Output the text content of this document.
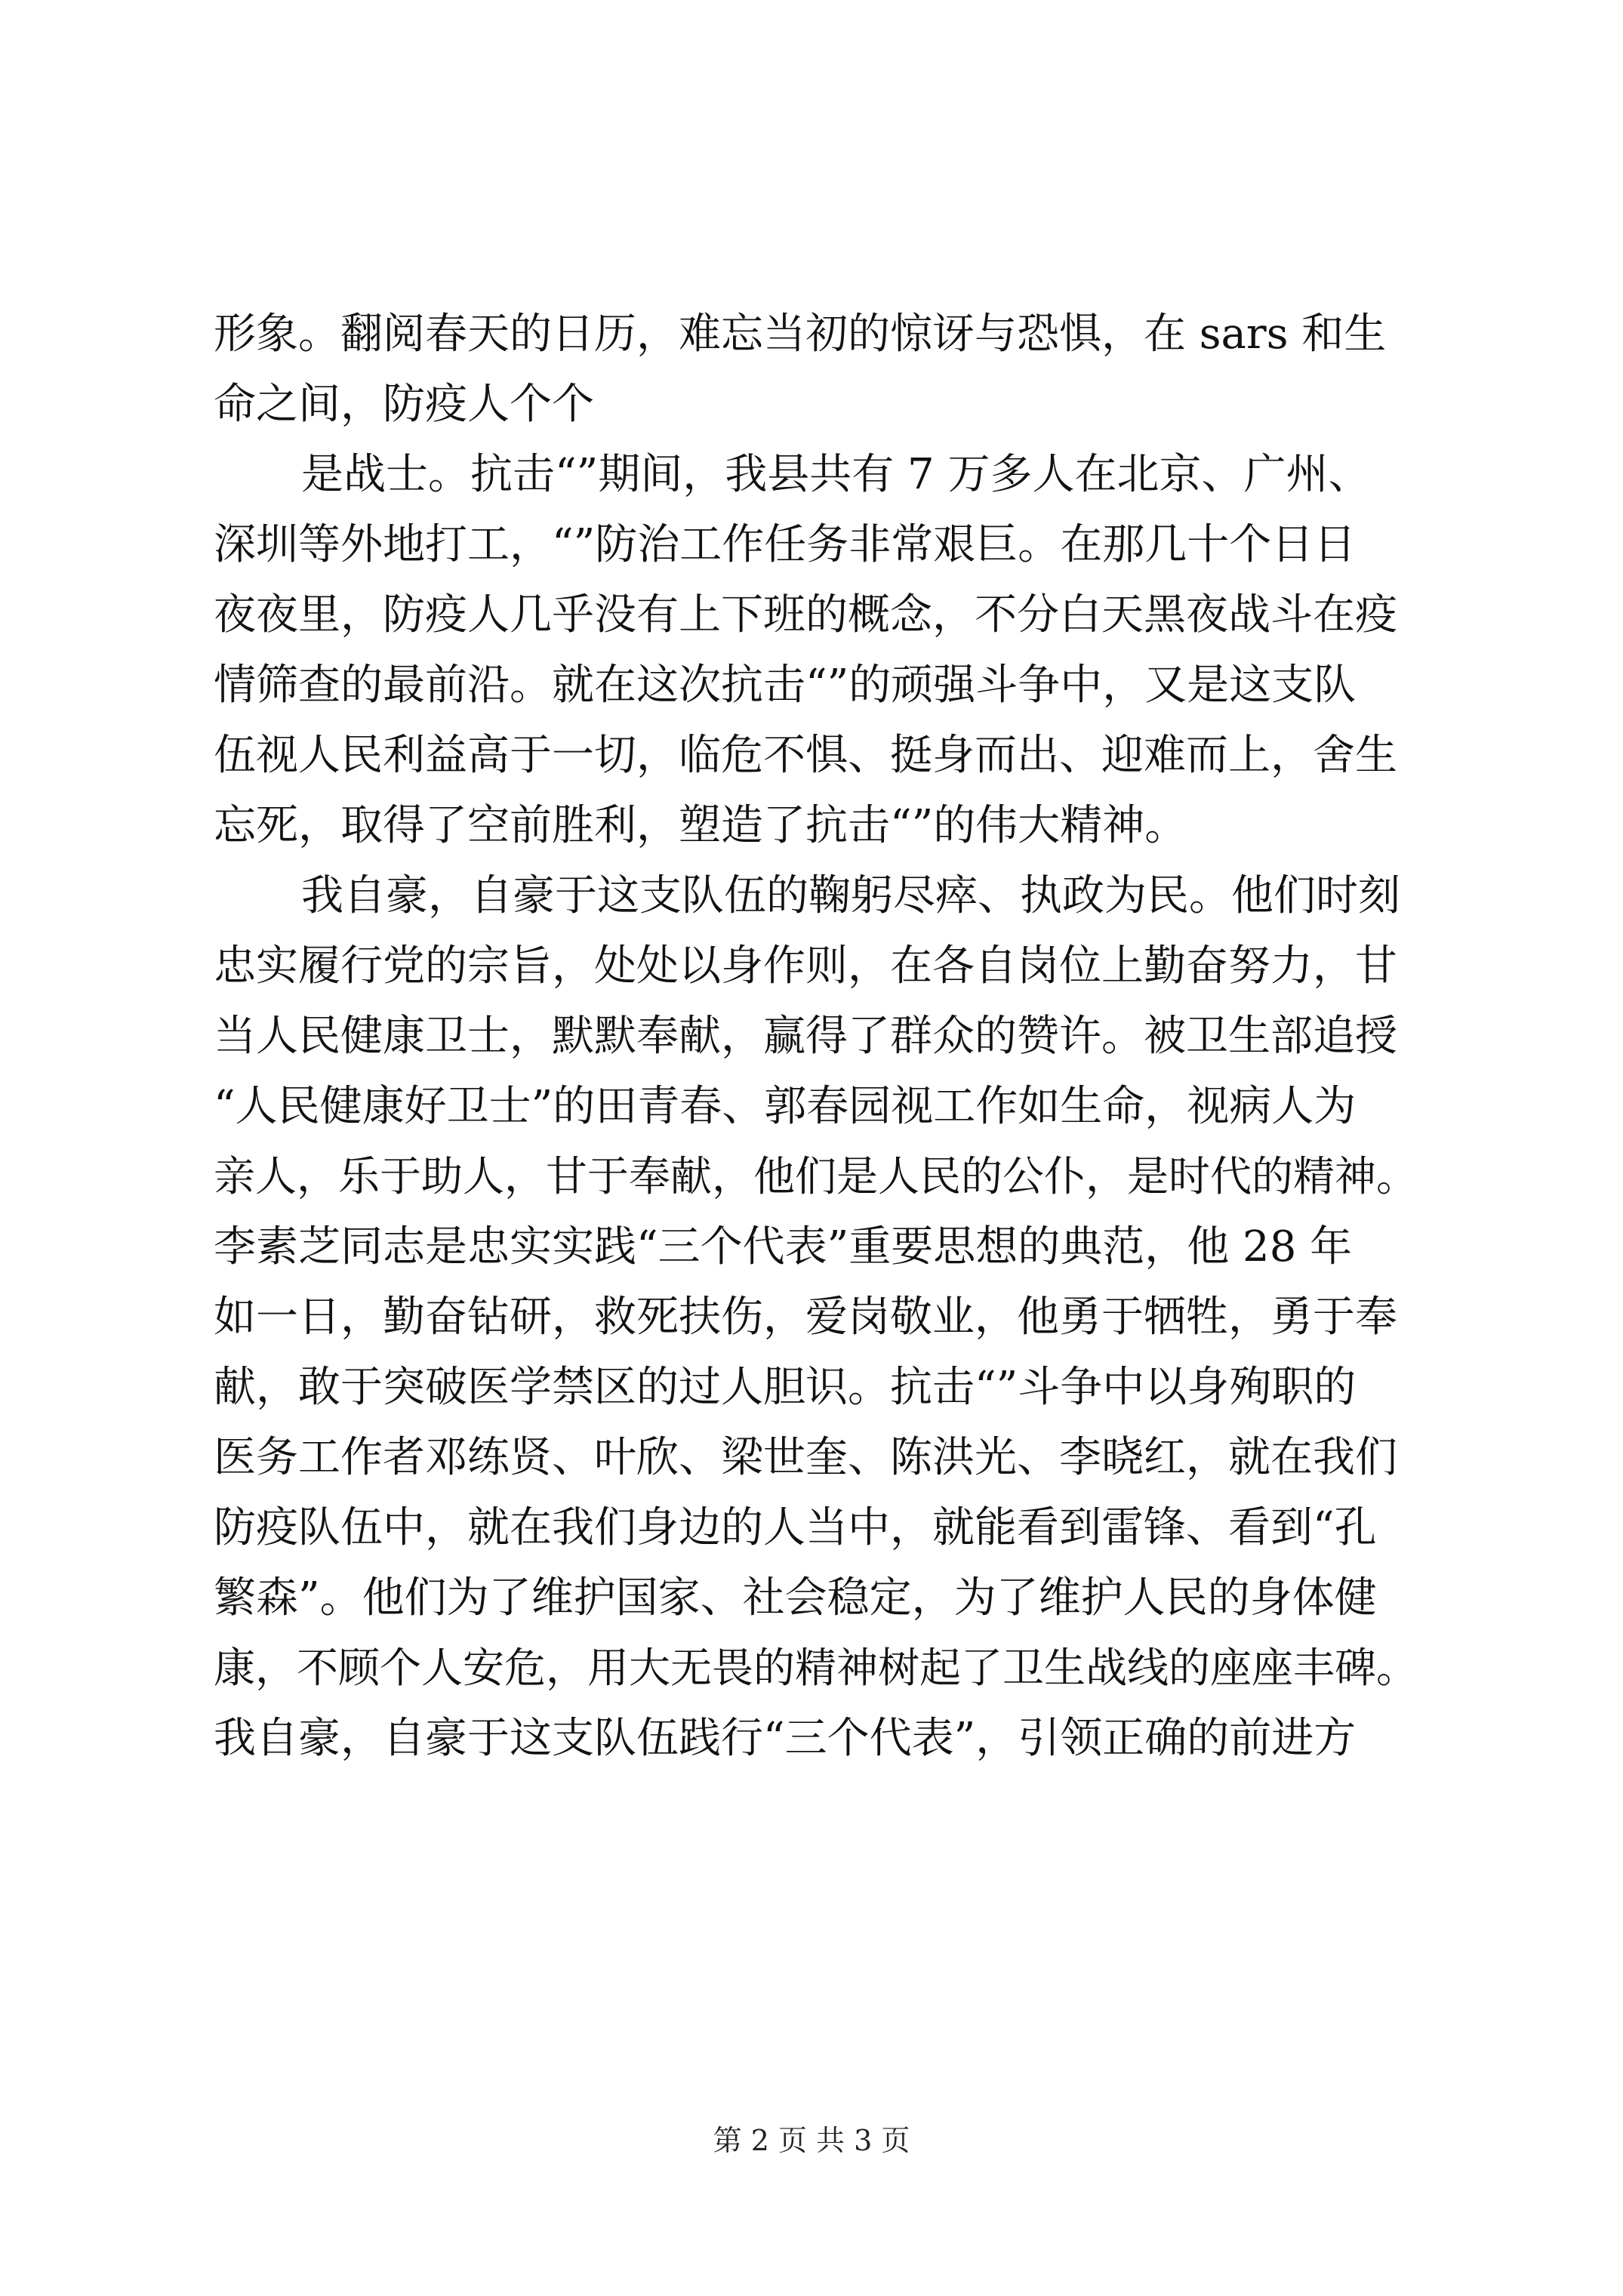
形象。翻阅春天的日历，难忘当初的惊讶与恐惧，在 sars 和生
命之间，防疫人个个
是战士。抗击“”期间，我县共有 7 万多人在北京、广州、
深圳等外地打工，“”防治工作任务非常艰巨。在那几十个日日
夜夜里，防疫人几乎没有上下班的概念，不分白天黑夜战斗在疫
情筛查的最前沿。就在这次抗击“”的顽强斗争中，又是这支队
伍视人民利益高于一切，临危不惧、挺身而出、迎难而上，舍生
忘死，取得了空前胜利，塑造了抗击“”的伟大精神。
我自豪，自豪于这支队伍的鞠躬尽瘁、执政为民。他们时刻
忠实履行党的宗旨，处处以身作则，在各自岗位上勤奋努力，甘
当人民健康卫士，默默奉献，赢得了群众的赞许。被卫生部追授
“人民健康好卫士”的田青春、郭春园视工作如生命，视病人为
亲人，乐于助人，甘于奉献，他们是人民的公仆，是时代的精神。
李素芝同志是忠实实践“三个代表”重要思想的典范，他 28 年
如一日，勤奋钻研，救死扶伤，爱岗敬业，他勇于牺牲，勇于奉
献，敢于突破医学禁区的过人胆识。抗击“”斗争中以身殉职的
医务工作者邓练贤、叶欣、梁世奎、陈洪光、李晓红，就在我们
防疫队伍中，就在我们身边的人当中，就能看到雷锋、看到“孔
繁森”。他们为了维护国家、社会稳定，为了维护人民的身体健
康，不顾个人安危，用大无畏的精神树起了卫生战线的座座丰碑。
我自豪，自豪于这支队伍践行“三个代表”，引领正确的前进方
第 2 页 共 3 页
